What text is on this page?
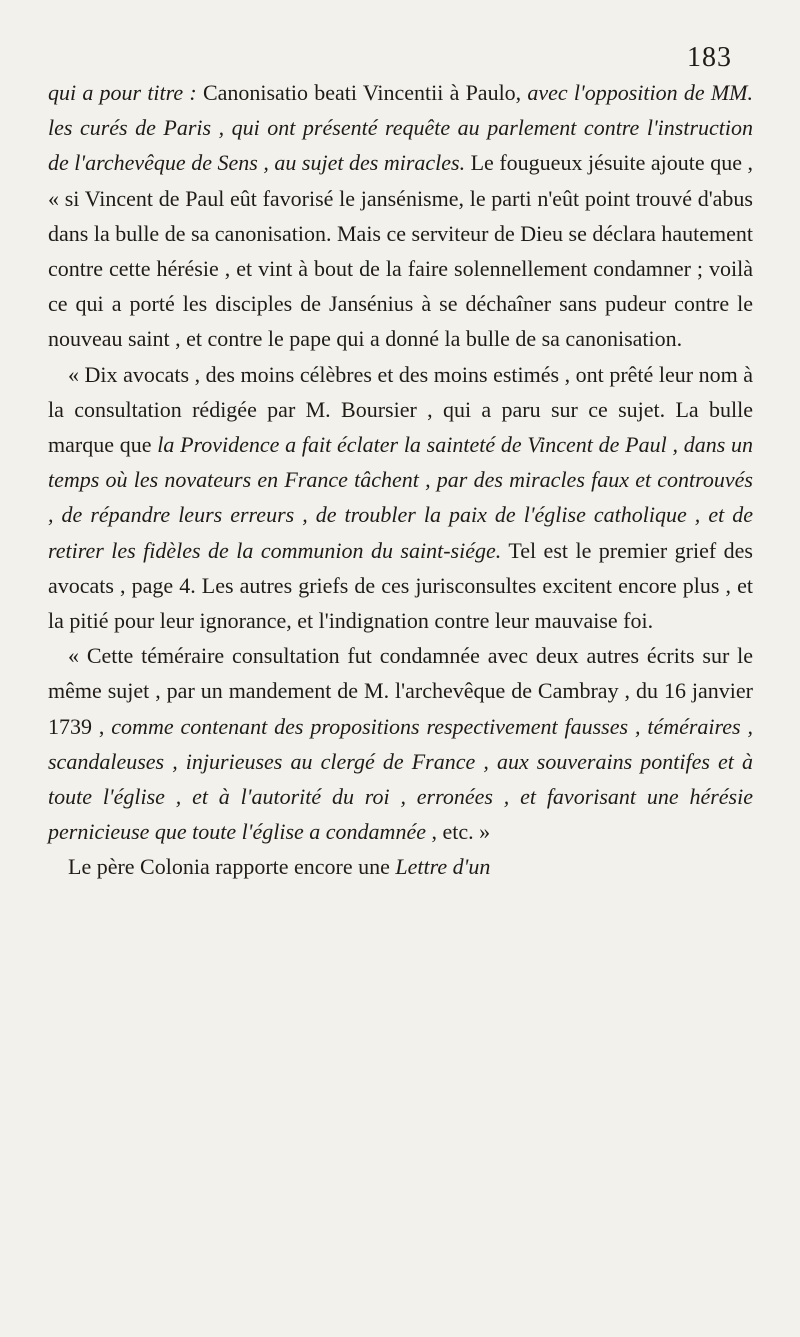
183

qui a pour titre : Canonisatio beati Vincentii à Paulo, avec l'opposition de MM. les curés de Paris , qui ont présenté requête au parlement contre l'instruction de l'archevêque de Sens , au sujet des miracles. Le fougueux jésuite ajoute que , « si Vincent de Paul eût favorisé le jansénisme, le parti n'eût point trouvé d'abus dans la bulle de sa canonisation. Mais ce serviteur de Dieu se déclara hautement contre cette hérésie , et vint à bout de la faire solennellement condamner ; voilà ce qui a porté les disciples de Jansénius à se déchaîner sans pudeur contre le nouveau saint , et contre le pape qui a donné la bulle de sa canonisation.

« Dix avocats , des moins célèbres et des moins estimés , ont prêté leur nom à la consultation rédigée par M. Boursier , qui a paru sur ce sujet. La bulle marque que la Providence a fait éclater la sainteté de Vincent de Paul , dans un temps où les novateurs en France tâchent , par des miracles faux et controuvés , de répandre leurs erreurs , de troubler la paix de l'église catholique , et de retirer les fidèles de la communion du saint-siége. Tel est le premier grief des avocats , page 4. Les autres griefs de ces jurisconsultes excitent encore plus , et la pitié pour leur ignorance, et l'indignation contre leur mauvaise foi.

« Cette téméraire consultation fut condamnée avec deux autres écrits sur le même sujet , par un mandement de M. l'archevêque de Cambray , du 16 janvier 1739 , comme contenant des propositions respectivement fausses , téméraires , scandaleuses , injurieuses au clergé de France , aux souverains pontifes et à toute l'église , et à l'autorité du roi , erronées , et favorisant une hérésie pernicieuse que toute l'église a condamnée , etc. »

Le père Colonia rapporte encore une Lettre d'un
